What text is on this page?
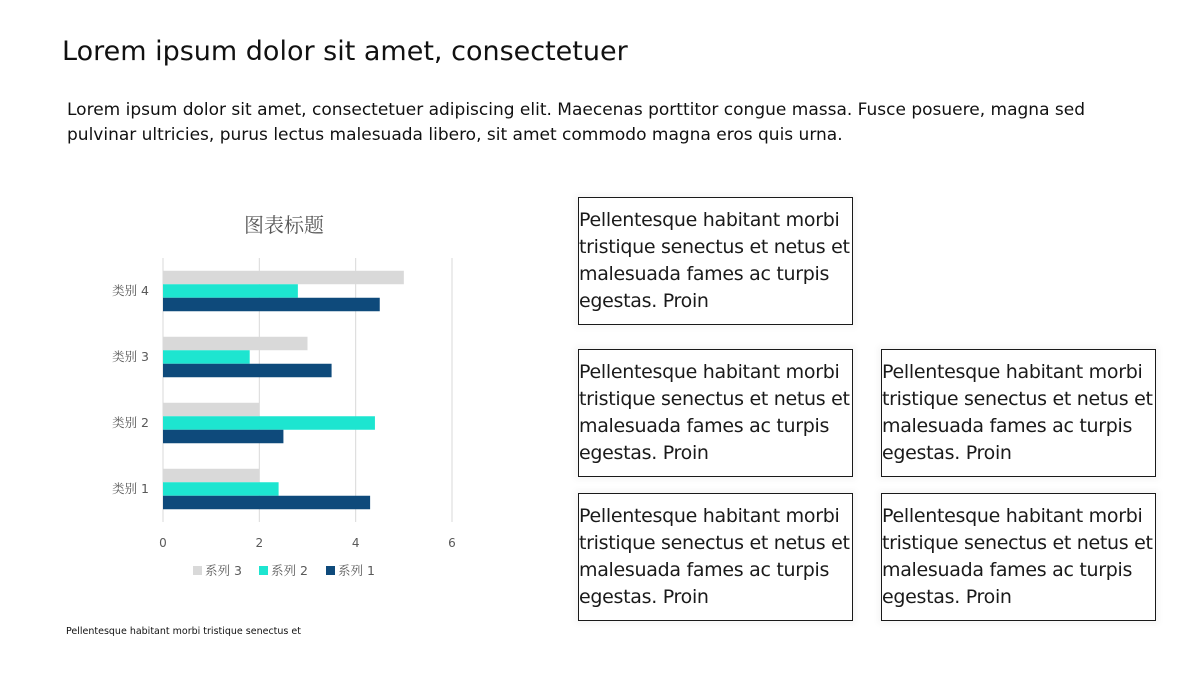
Lorem ipsum dolor sit amet, consectetuer
Lorem ipsum dolor sit amet, consectetuer adipiscing elit. Maecenas porttitor congue massa. Fusce posuere, magna sed pulvinar ultricies, purus lectus malesuada libero, sit amet commodo magna eros quis urna.
图表标题
类别 1
类别 2
类别 3
类别 4
0	2	4	6
系列 3 系列 2 系列 1
Pellentesque habitant morbi tristique senectus et
Pellentesque habitant morbi tristique senectus et netus et malesuada fames ac turpis egestas. Proin
Pellentesque habitant morbi tristique senectus et netus et malesuada fames ac turpis egestas. Proin
Pellentesque habitant morbi tristique senectus et netus et malesuada fames ac turpis egestas. Proin
Pellentesque habitant morbi tristique senectus et netus et malesuada fames ac turpis egestas. Proin
Pellentesque habitant morbi tristique senectus et netus et malesuada fames ac turpis egestas. Proin
